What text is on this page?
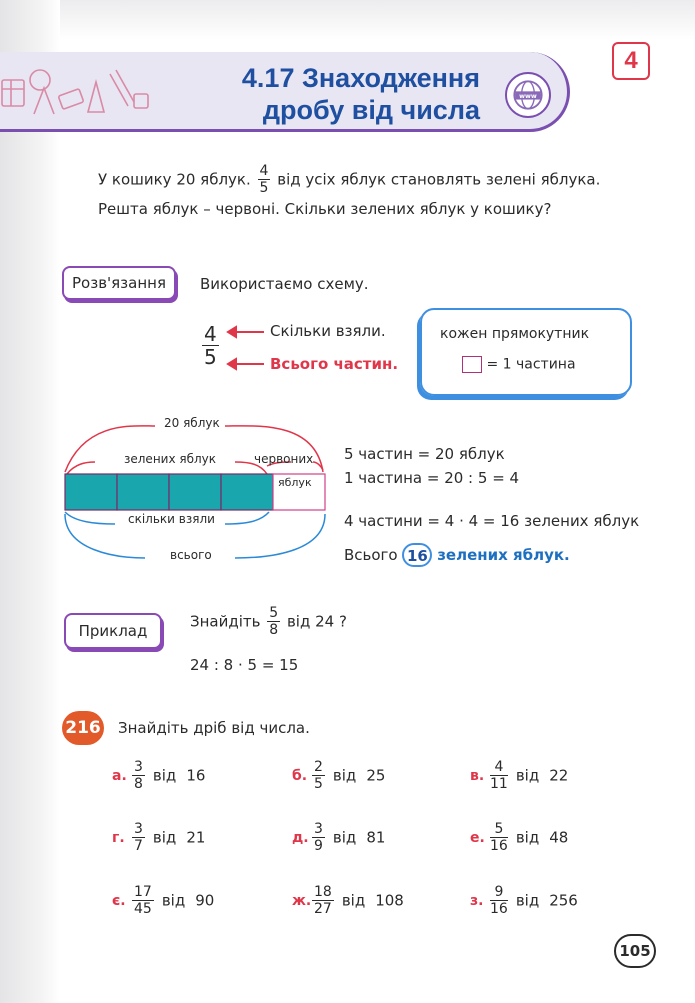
4.17 Знаходження
дробу від числа	www
4
У кошику 20 яблук. $\frac{4}{5}$ від усіх яблук становлять зелені яблука.
Решта яблук – червоні. Скільки зелених яблук у кошику?
Розв'язання	Використаємо схему.
$\frac{4}{5}$	Скільки взяли.
Всього частин.
кожен прямокутник
= 1 частина
20 яблук
зелених яблук	червоних
яблук
скільки взяли
всього
5 частин = 20 яблук
1 частина = 20 : 5 = 4
4 частини = 4 · 4 = 16 зелених яблук
Всього 16 зелених яблук.
Приклад
Знайдіть $\frac{5}{8}$ від 24 ?
24 : 8 · 5 = 15
216 Знайдіть дріб від числа.
а. $\frac{3}{8}$ від 16	б. $\frac{2}{5}$ від 25	в. $\frac{4}{11}$ від 22
г. $\frac{3}{7}$ від 21	д. $\frac{3}{9}$ від 81	е. $\frac{5}{16}$ від 48
є. $\frac{17}{45}$ від 90	ж. $\frac{18}{27}$ від 108	з. $\frac{9}{16}$ від 256
105
